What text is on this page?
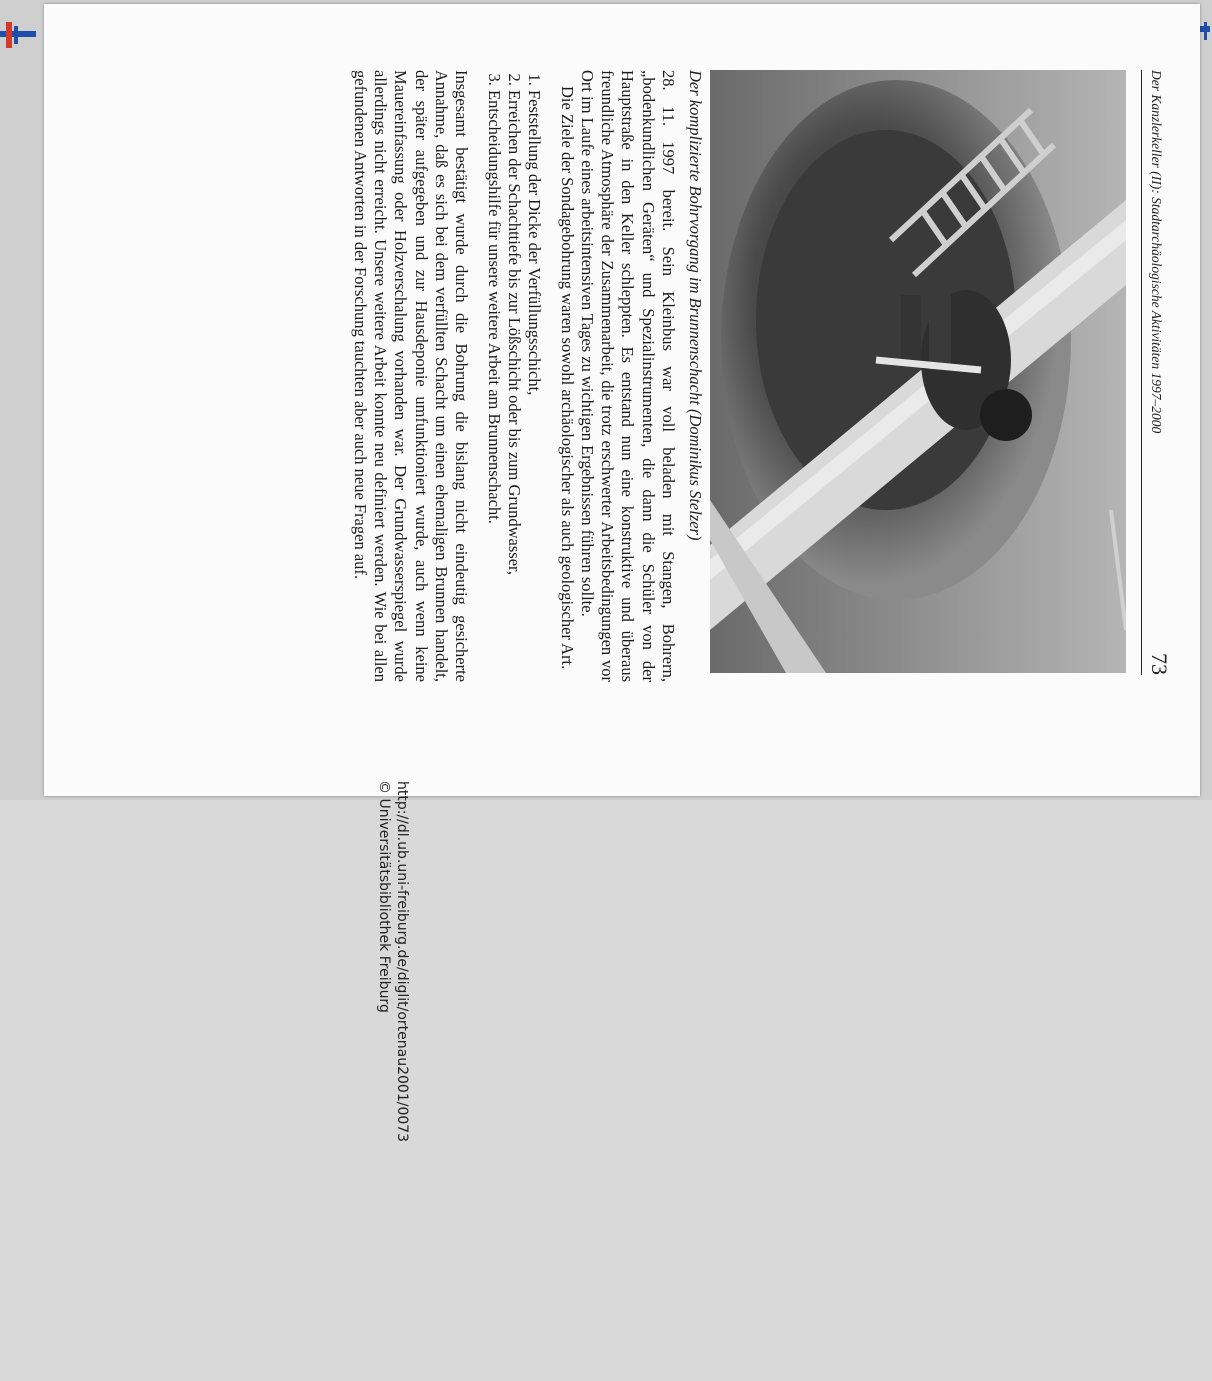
Der Kanzlerkeller (II): Stadtarchäologische Aktivitäten 1997–2000
73
Der komplizierte Bohrvorgang im Brunnenschacht (Dominikus Stelzer)

28. 11. 1997 bereit. Sein Kleinbus war voll beladen mit Stangen, Bohrern, „bodenkundlichen Geräten“ und Spezialinstrumenten, die dann die Schüler von der Hauptstraße in den Keller schleppten. Es entstand nun eine konstruktive und überaus freundliche Atmosphäre der Zusammenarbeit, die trotz erschwerter Arbeitsbedingungen vor Ort im Laufe eines arbeitsintensiven Tages zu wichtigen Ergebnissen führen sollte.

Die Ziele der Sondagebohrung waren sowohl archäologischer als auch geologischer Art.

1. Feststellung der Dicke der Verfüllungsschicht,
2. Erreichen der Schachttiefe bis zur Lößschicht oder bis zum Grundwasser,
3. Entscheidungshilfe für unsere weitere Arbeit am Brunnenschacht.

Insgesamt bestätigt wurde durch die Bohrung die bislang nicht eindeutig gesicherte Annahme, daß es sich bei dem verfüllten Schacht um einen ehemaligen Brunnen handelt, der später aufgegeben und zur Hausdeponie umfunktioniert wurde, auch wenn keine Mauereinfassung oder Holzverschalung vorhanden war. Der Grundwasserspiegel wurde allerdings nicht erreicht. Unsere weitere Arbeit konnte neu definiert werden. Wie bei allen gefundenen Antworten in der Forschung tauchten aber auch neue Fragen auf.

http://dl.ub.uni-freiburg.de/diglit/ortenau2001/0073
© Universitätsbibliothek Freiburg
